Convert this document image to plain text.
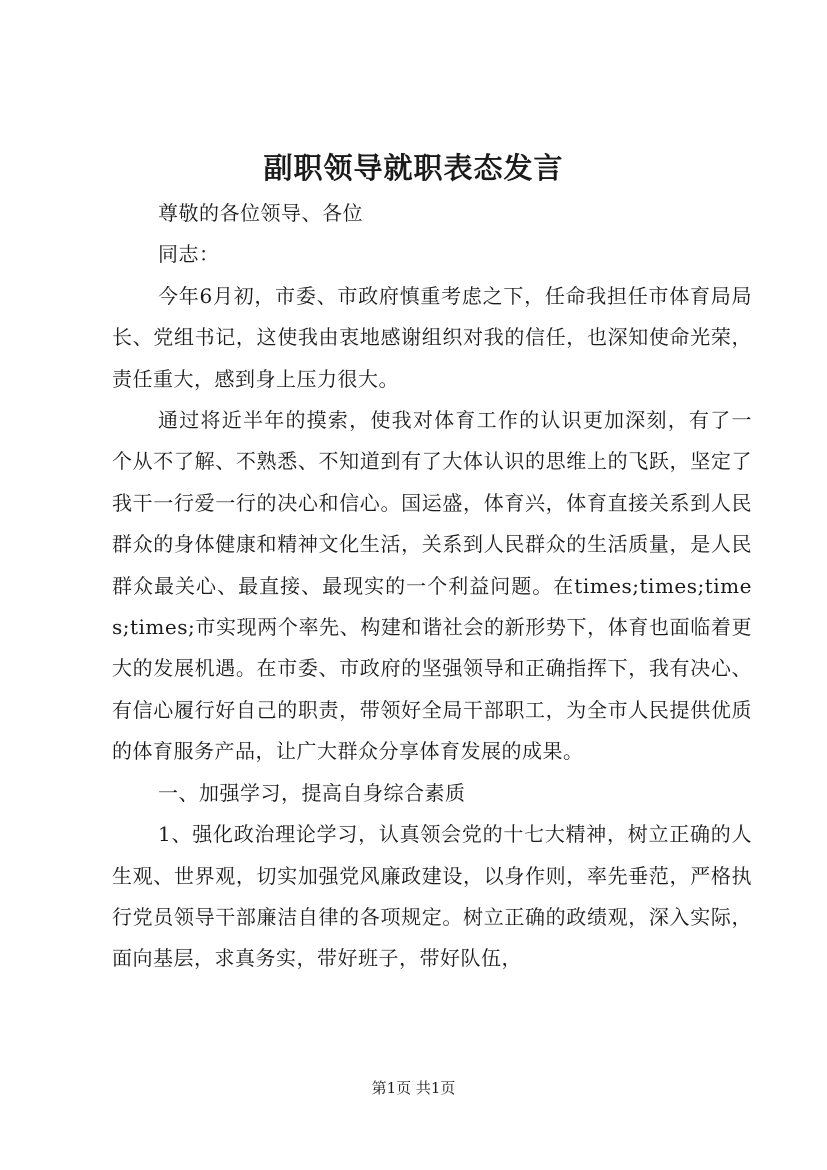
副职领导就职表态发言

尊敬的各位领导、各位

同志：

今年6月初，市委、市政府慎重考虑之下，任命我担任市体育局局长、党组书记，这使我由衷地感谢组织对我的信任，也深知使命光荣，责任重大，感到身上压力很大。

通过将近半年的摸索，使我对体育工作的认识更加深刻，有了一个从不了解、不熟悉、不知道到有了大体认识的思维上的飞跃，坚定了我干一行爱一行的决心和信心。国运盛，体育兴，体育直接关系到人民群众的身体健康和精神文化生活，关系到人民群众的生活质量，是人民群众最关心、最直接、最现实的一个利益问题。在times;times;times;times;市实现两个率先、构建和谐社会的新形势下，体育也面临着更大的发展机遇。在市委、市政府的坚强领导和正确指挥下，我有决心、有信心履行好自己的职责，带领好全局干部职工，为全市人民提供优质的体育服务产品，让广大群众分享体育发展的成果。

一、加强学习，提高自身综合素质

1、强化政治理论学习，认真领会党的十七大精神，树立正确的人生观、世界观，切实加强党风廉政建设，以身作则，率先垂范，严格执行党员领导干部廉洁自律的各项规定。树立正确的政绩观，深入实际，面向基层，求真务实，带好班子，带好队伍，

第1页 共1页
